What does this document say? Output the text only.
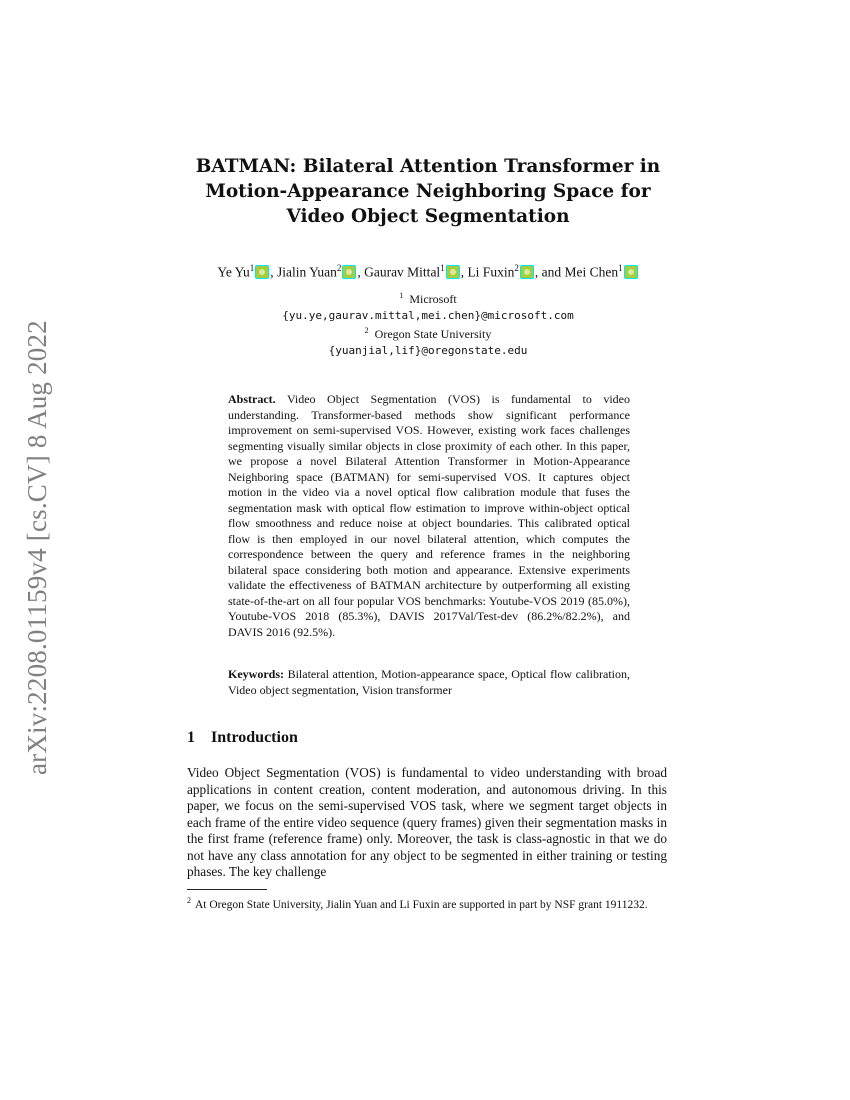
arXiv:2208.01159v4 [cs.CV] 8 Aug 2022
BATMAN: Bilateral Attention Transformer in
Motion-Appearance Neighboring Space for
Video Object Segmentation
Ye Yu$^1$ , Jialin Yuan$^2$ , Gaurav Mittal$^1$ , Li Fuxin$^2$ , and Mei Chen$^1$
$^1$ Microsoft
{yu.ye,gaurav.mittal,mei.chen}@microsoft.com
$^2$ Oregon State University
{yuanjial,lif}@oregonstate.edu
Abstract. Video Object Segmentation (VOS) is fundamental to video understanding. Transformer-based methods show significant performance improvement on semi-supervised VOS. However, existing work faces challenges segmenting visually similar objects in close proximity of each other. In this paper, we propose a novel Bilateral Attention Transformer in Motion-Appearance Neighboring space (BATMAN) for semi-supervised VOS. It captures object motion in the video via a novel optical flow calibration module that fuses the segmentation mask with optical flow estimation to improve within-object optical flow smoothness and reduce noise at object boundaries. This calibrated optical flow is then employed in our novel bilateral attention, which computes the correspondence between the query and reference frames in the neighboring bilateral space considering both motion and appearance. Extensive experiments validate the effectiveness of BATMAN architecture by outperforming all existing state-of-the-art on all four popular VOS benchmarks: Youtube-VOS 2019 (85.0%), Youtube-VOS 2018 (85.3%), DAVIS 2017Val/Test-dev (86.2%/82.2%), and DAVIS 2016 (92.5%).
Keywords: Bilateral attention, Motion-appearance space, Optical flow calibration, Video object segmentation, Vision transformer
1 Introduction
Video Object Segmentation (VOS) is fundamental to video understanding with broad applications in content creation, content moderation, and autonomous driving. In this paper, we focus on the semi-supervised VOS task, where we segment target objects in each frame of the entire video sequence (query frames) given their segmentation masks in the first frame (reference frame) only. Moreover, the task is class-agnostic in that we do not have any class annotation for any object to be segmented in either training or testing phases. The key challenge
$^2$ At Oregon State University, Jialin Yuan and Li Fuxin are supported in part by NSF grant 1911232.
